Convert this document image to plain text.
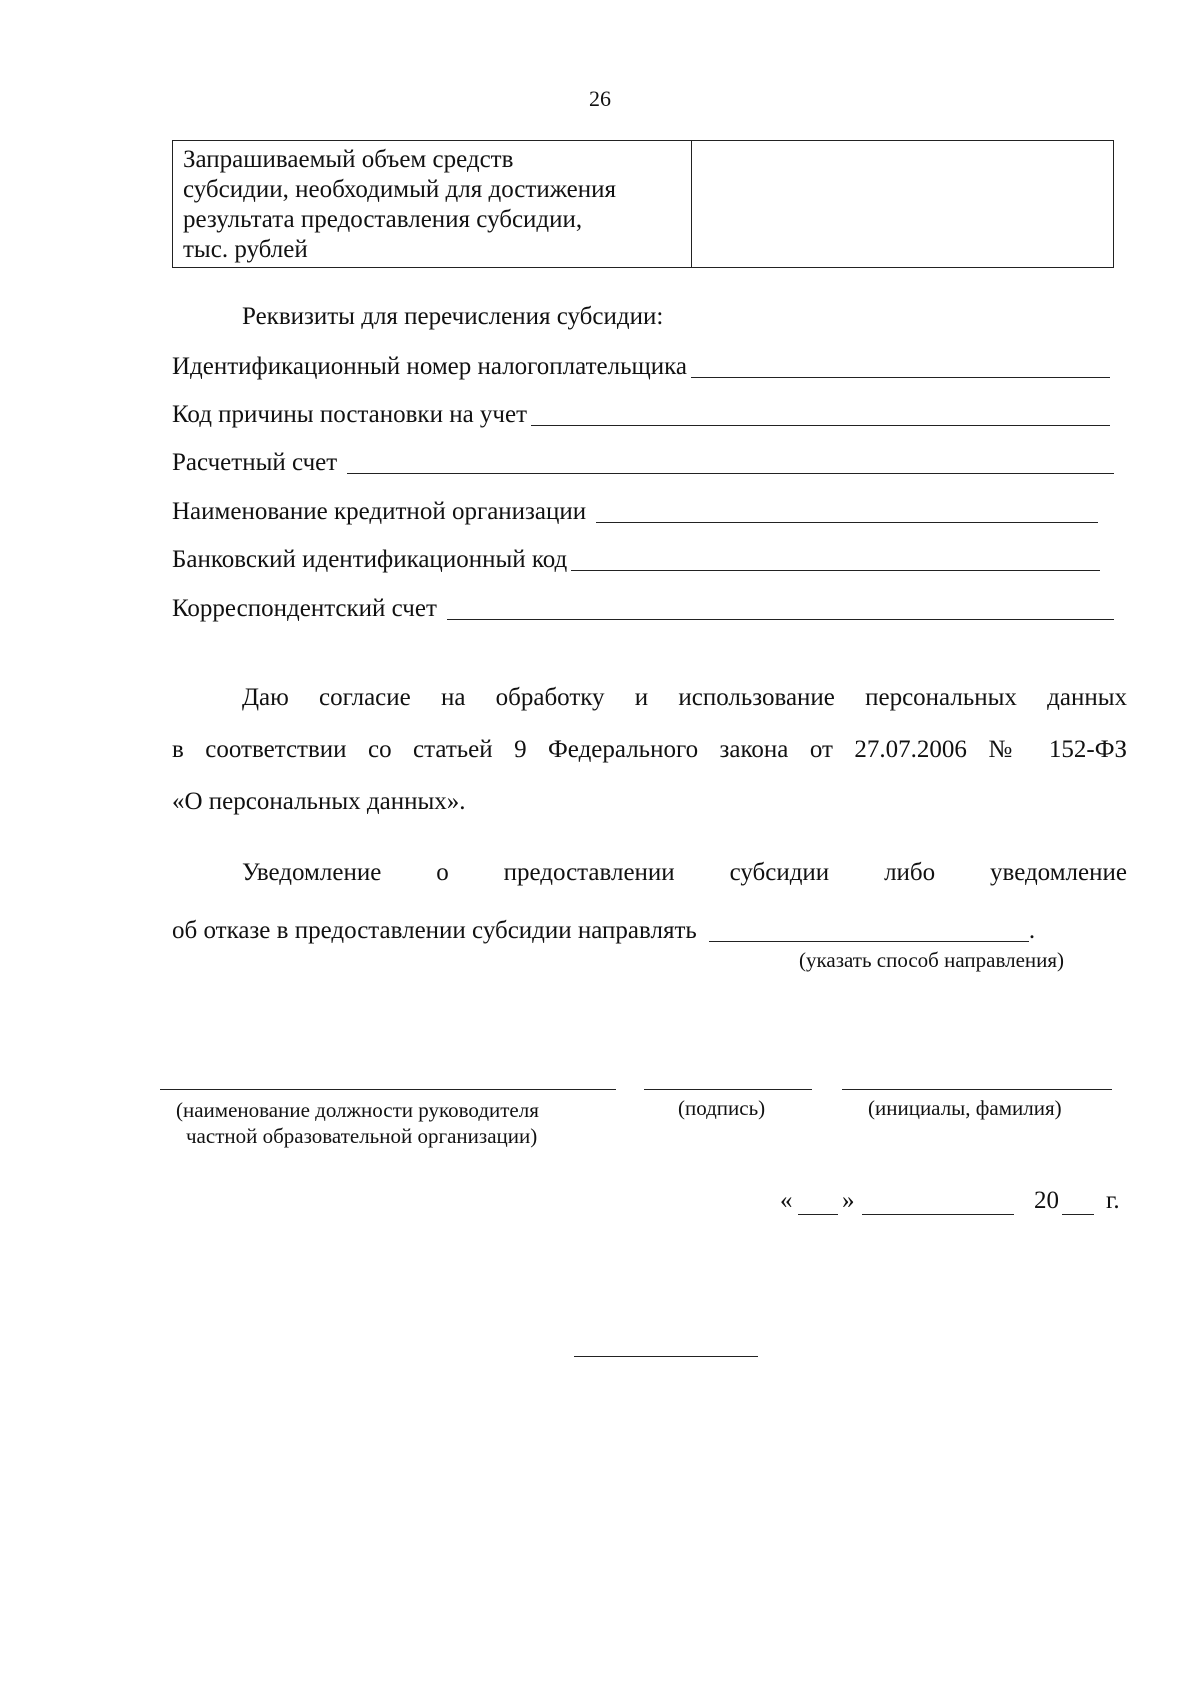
26
Запрашиваемый объем средств
субсидии, необходимый для достижения
результата предоставления субсидии,
тыс. рублей

Реквизиты для перечисления субсидии:
Идентификационный номер налогоплательщика
Код причины постановки на учет
Расчетный счет
Наименование кредитной организации
Банковский идентификационный код
Корреспондентский счет
Даю согласие на обработку и использование персональных данных
в соответствии со статьей 9 Федерального закона от 27.07.2006 № 152-ФЗ
«О персональных данных».
Уведомление о предоставлении субсидии либо уведомление
об отказе в предоставлении субсидии направлять	.
(указать способ направления)
(наименование должности руководителя
частной образовательной организации)
(подпись)	(инициалы, фамилия)
« »	20 г.
